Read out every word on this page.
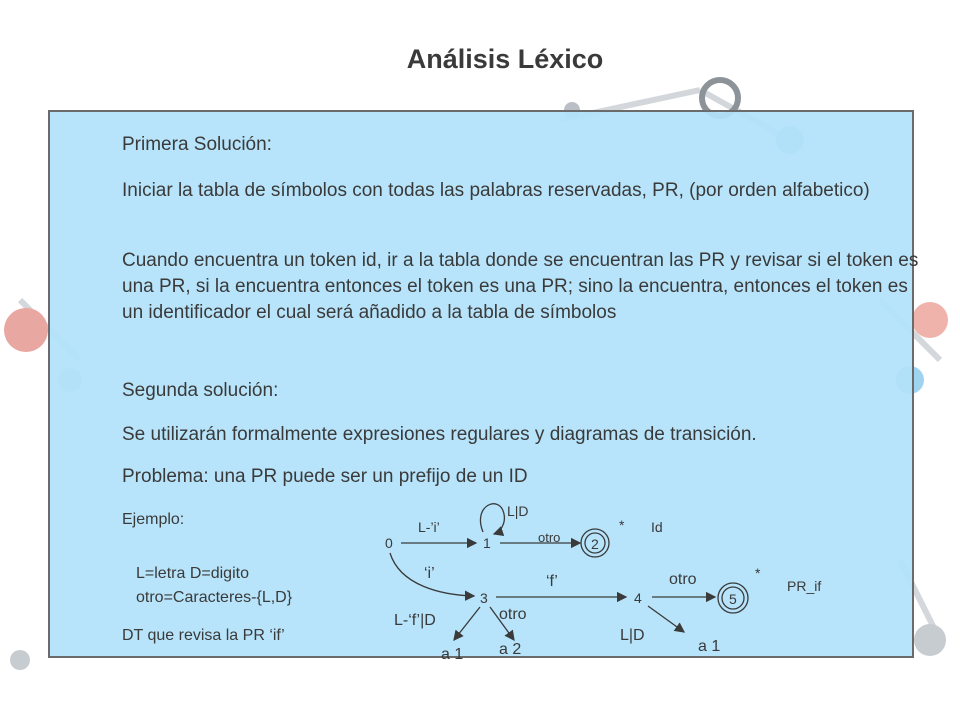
Análisis Léxico
Primera Solución:
Iniciar la tabla de símbolos con todas las palabras reservadas, PR, (por orden alfabetico)
Cuando encuentra un token id, ir a la tabla donde se encuentran las PR y revisar si el token es una PR, si la encuentra entonces el token es una PR; sino la encuentra, entonces el token es un identificador el cual será añadido a la tabla de símbolos
Segunda solución:
Se utilizarán formalmente expresiones regulares y diagramas de transición.
Problema: una PR puede ser un prefijo de un ID
Ejemplo:
L=letra D=digito
otro=Caracteres-{L,D}
DT que revisa la PR ‘if’
0	1	2
3	4	5
L-’i’
L|D
otro
* Id
‘i’	‘f’	otro	*
PR_if
L-‘f’|D	otro
a 1 a 2
L|D
a 1
